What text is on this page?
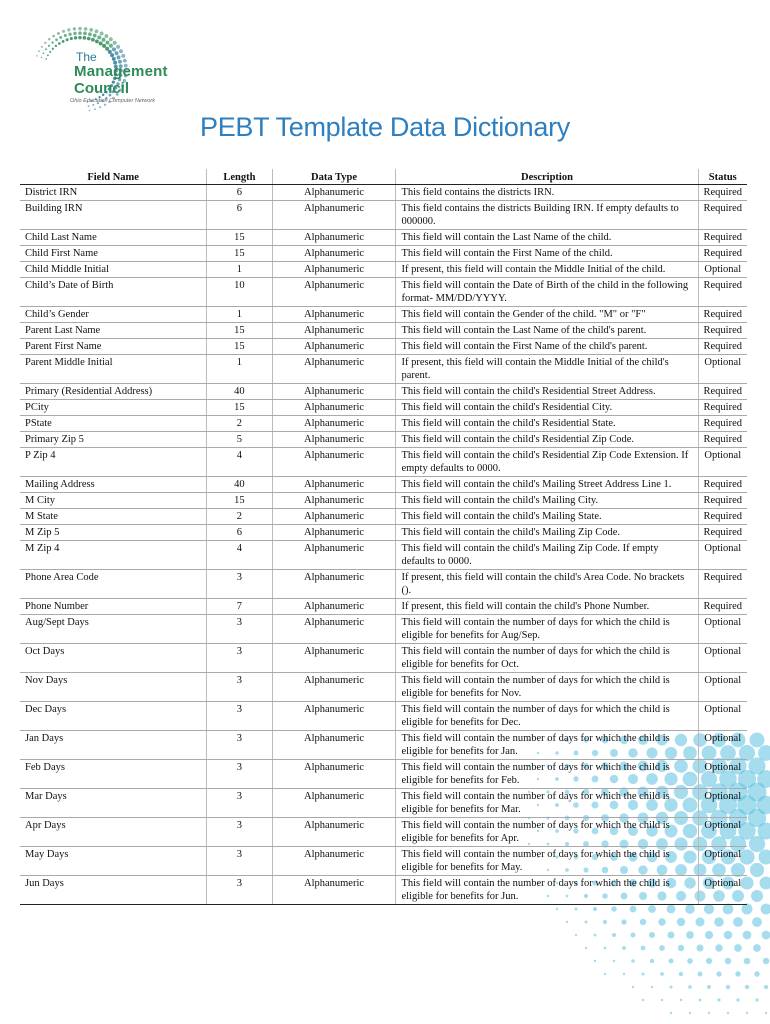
The
Management
Council
Ohio Education Computer Network
PEBT Template Data Dictionary
Field Name	Length	Data Type	Description	Status
District IRN	6	Alphanumeric	This field contains the districts IRN.	Required
Building IRN	6	Alphanumeric	This field contains the districts Building IRN. If empty defaults to 000000.	Required
Child Last Name	15	Alphanumeric	This field will contain the Last Name of the child.	Required
Child First Name	15	Alphanumeric	This field will contain the First Name of the child.	Required
Child Middle Initial	1	Alphanumeric	If present, this field will contain the Middle Initial of the child.	Optional
Child’s Date of Birth	10	Alphanumeric	This field will contain the Date of Birth of the child in the following format- MM/DD/YYYY.	Required
Child’s Gender	1	Alphanumeric	This field will contain the Gender of the child. "M" or "F"	Required
Parent Last Name	15	Alphanumeric	This field will contain the Last Name of the child's parent.	Required
Parent First Name	15	Alphanumeric	This field will contain the First Name of the child's parent.	Required
Parent Middle Initial	1	Alphanumeric	If present, this field will contain the Middle Initial of the child's parent.	Optional
Primary (Residential Address)	40	Alphanumeric	This field will contain the child's Residential Street Address.	Required
PCity	15	Alphanumeric	This field will contain the child's Residential City.	Required
PState	2	Alphanumeric	This field will contain the child's Residential State.	Required
Primary Zip 5	5	Alphanumeric	This field will contain the child's Residential Zip Code.	Required
P Zip 4	4	Alphanumeric	This field will contain the child's Residential Zip Code Extension. If empty defaults to 0000.	Optional
Mailing Address	40	Alphanumeric	This field will contain the child's Mailing Street Address Line 1.	Required
M City	15	Alphanumeric	This field will contain the child's Mailing City.	Required
M State	2	Alphanumeric	This field will contain the child's Mailing State.	Required
M Zip 5	6	Alphanumeric	This field will contain the child's Mailing Zip Code.	Required
M Zip 4	4	Alphanumeric	This field will contain the child's Mailing Zip Code. If empty defaults to 0000.	Optional
Phone Area Code	3	Alphanumeric	If present, this field will contain the child's Area Code. No brackets ().	Required
Phone Number	7	Alphanumeric	If present, this field will contain the child's Phone Number.	Required
Aug/Sept Days	3	Alphanumeric	This field will contain the number of days for which the child is eligible for benefits for Aug/Sep.	Optional
Oct Days	3	Alphanumeric	This field will contain the number of days for which the child is eligible for benefits for Oct.	Optional
Nov Days	3	Alphanumeric	This field will contain the number of days for which the child is eligible for benefits for Nov.	Optional
Dec Days	3	Alphanumeric	This field will contain the number of days for which the child is eligible for benefits for Dec.	Optional
Jan Days	3	Alphanumeric	This field will contain the number of days for which the child is eligible for benefits for Jan.	Optional
Feb Days	3	Alphanumeric	This field will contain the number of days for which the child is eligible for benefits for Feb.	Optional
Mar Days	3	Alphanumeric	This field will contain the number of days for which the child is eligible for benefits for Mar.	Optional
Apr Days	3	Alphanumeric	This field will contain the number of days for which the child is eligible for benefits for Apr.	Optional
May Days	3	Alphanumeric	This field will contain the number of days for which the child is eligible for benefits for May.	Optional
Jun Days	3	Alphanumeric	This field will contain the number of days for which the child is eligible for benefits for Jun.	Optional
